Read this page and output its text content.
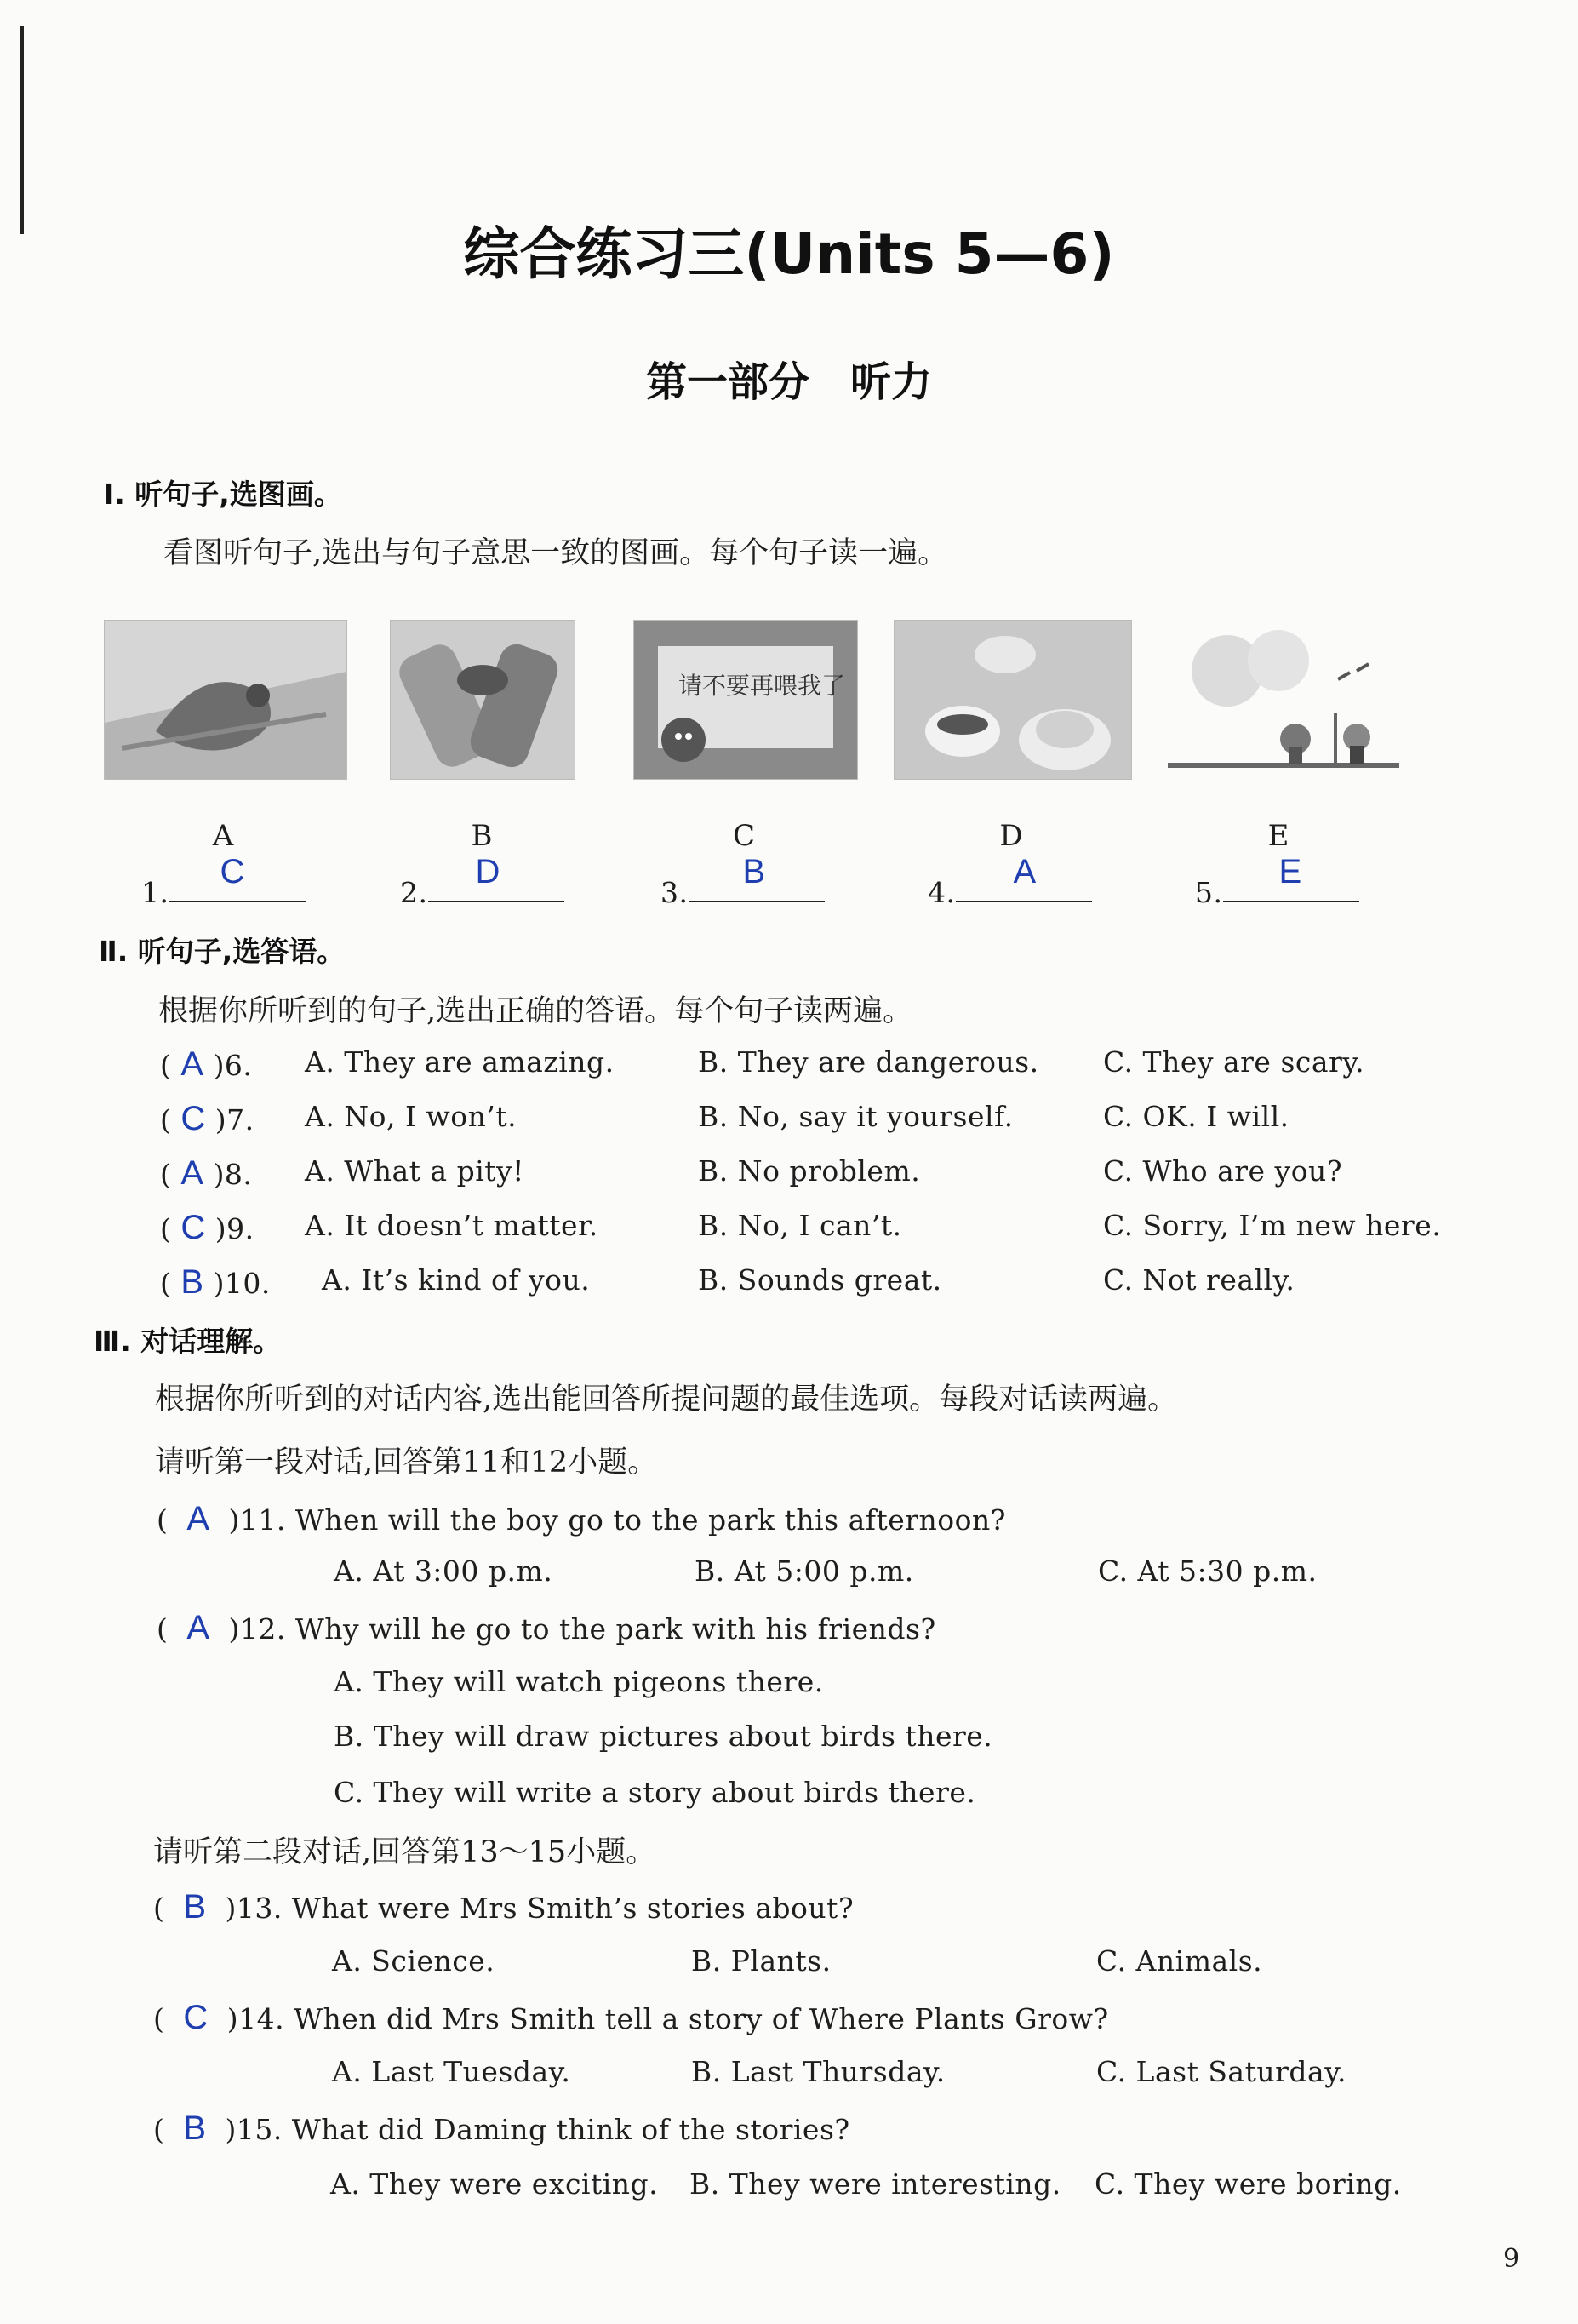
综合练习三(Units 5—6)
第一部分　听力
Ⅰ. 听句子,选图画。
看图听句子,选出与句子意思一致的图画。每个句子读一遍。
请不要再喂我了
A	B	C	D	E
1.
C
2.
D
3.
B
4.
A
5.
E
Ⅱ. 听句子,选答语。
根据你所听到的句子,选出正确的答语。每个句子读两遍。
( A )6. A. They are amazing.	B. They are dangerous. C. They are scary.
( C )7. A. No, I won’t.	B. No, say it yourself.	C. OK. I will.
( A )8. A. What a pity!	B. No problem.	C. Who are you?
( C )9. A. It doesn’t matter.	B. No, I can’t.	C. Sorry, I’m new here.
( B )10. A. It’s kind of you.	B. Sounds great.	C. Not really.
Ⅲ. 对话理解。
根据你所听到的对话内容,选出能回答所提问题的最佳选项。每段对话读两遍。
请听第一段对话,回答第11和12小题。
(  A )11. When will the boy go to the park this afternoon?
A. At 3:00 p.m.	B. At 5:00 p.m.	C. At 5:30 p.m.
(  A )12. Why will he go to the park with his friends?
A. They will watch pigeons there.
B. They will draw pictures about birds there.
C. They will write a story about birds there.
请听第二段对话,回答第13～15小题。
(  B )13. What were Mrs Smith’s stories about?
A. Science.	B. Plants.	C. Animals.
(  C )14. When did Mrs Smith tell a story of Where Plants Grow?
A. Last Tuesday.	B. Last Thursday.	C. Last Saturday.
(  B )15. What did Daming think of the stories?
A. They were exciting. B. They were interesting. C. They were boring.
9
